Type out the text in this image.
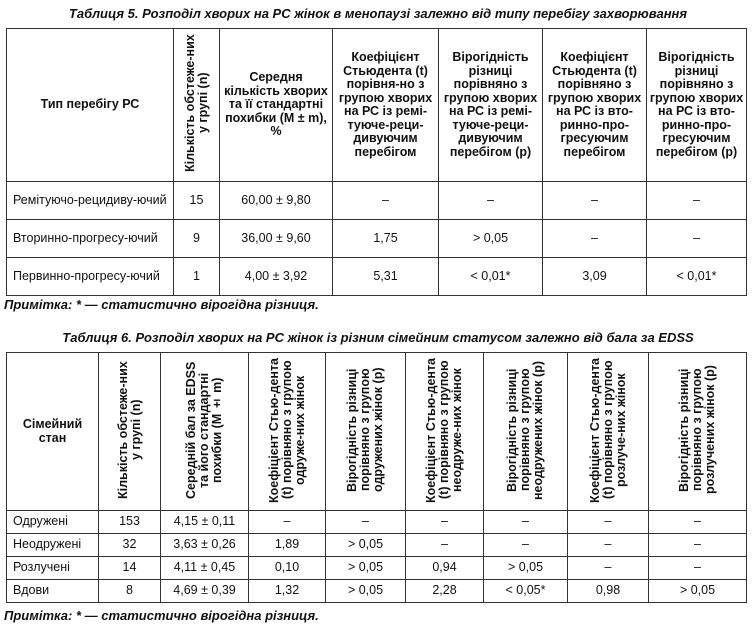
Таблиця 5. Розподіл хворих на РС жінок в менопаузі залежно від типу перебігу захворювання
Тип перебігу РС	Кількість обстеже-них у групі (n)	Середня кількість хворих та її стандартні похибки (M ± m), %	Коефіцієнт Стьюдента (t) порівня-но з групою хворих на РС із ремі-туюче-реци-дивуючим перебігом	Вірогідність різниці порівняно з групою хворих на РС із ремі-туюче-реци-дивуючим перебігом (p)	Коефіцієнт Стьюдента (t) порівняно з групою хворих на РС із вто-ринно-про-гресуючим перебігом	Вірогідність різниці порівняно з групою хворих на РС із вто-ринно-про-гресуючим перебігом (p)
Ремітуючо-рецидиву-ючий	15	60,00 ± 9,80	–	–	–	–
Вторинно-прогресу-ючий	9	36,00 ± 9,60	1,75	> 0,05	–	–
Первинно-прогресу-ючий	1	4,00 ± 3,92	5,31	< 0,01*	3,09	< 0,01*
Примітка: * — статистично вірогідна різниця.
Таблиця 6. Розподіл хворих на РС жінок із різним сімейним статусом залежно від бала за EDSS
Сімейний стан	Кількість обстеже-них у групі (n)	Середній бал за EDSS та його стандартні похибки (M ± m)	Коефіцієнт Стью-дента (t) порівняно з групою одруже-них жінок	Вірогідність різниці порівняно з групою одружених жінок (p)	Коефіцієнт Стью-дента (t) порівняно з групою неодруже-них жінок	Вірогідність різниці порівняно з групою неодружених жінок (p)	Коефіцієнт Стью-дента (t) порівняно з групою розлуче-них жінок	Вірогідність різниці порівняно з групою розлучених жінок (p)
Одружені	153	4,15 ± 0,11	–	–	–	–	–	–
Неодружені	32	3,63 ± 0,26	1,89	> 0,05	–	–	–	–
Розлучені	14	4,11 ± 0,45	0,10	> 0,05	0,94	> 0,05	–	–
Вдови	8	4,69 ± 0,39	1,32	> 0,05	2,28	< 0,05*	0,98	> 0,05
Примітка: * — статистично вірогідна різниця.
